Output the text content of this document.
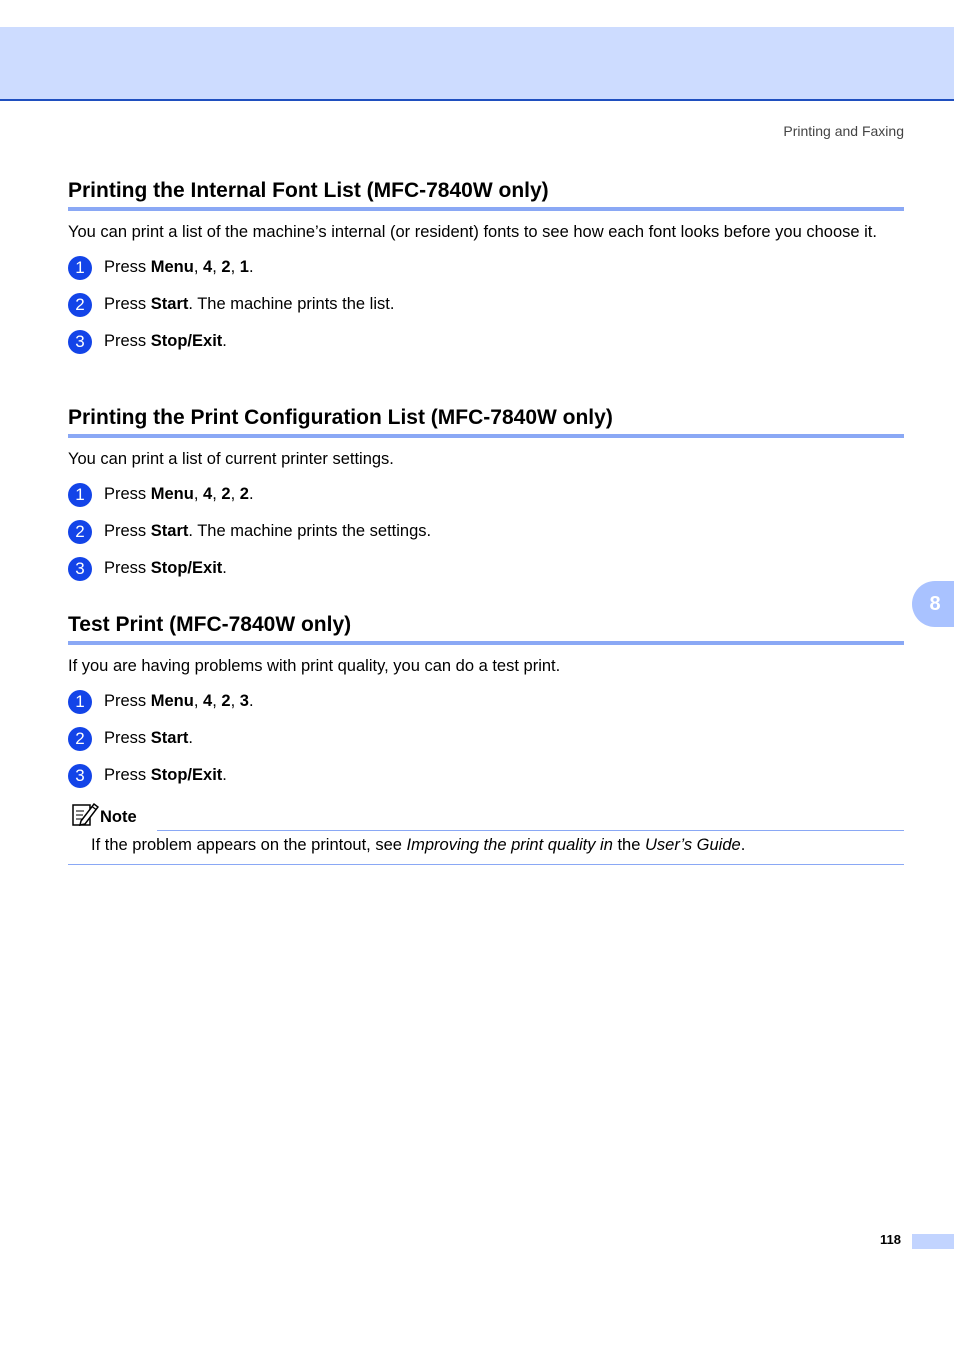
Printing and Faxing
8
Printing the Internal Font List (MFC-7840W only)

You can print a list of the machine’s internal (or resident) fonts to see how each font looks before you choose it.

1	Press Menu, 4, 2, 1.
2	Press Start. The machine prints the list.
3	Press Stop/Exit.
Printing the Print Configuration List (MFC-7840W only)

You can print a list of current printer settings.

1	Press Menu, 4, 2, 2.
2	Press Start. The machine prints the settings.
3	Press Stop/Exit.
Test Print (MFC-7840W only)

If you are having problems with print quality, you can do a test print.

1	Press Menu, 4, 2, 3.
2	Press Start.
3	Press Stop/Exit.
Note
If the problem appears on the printout, see Improving the print quality in the User’s Guide.
118
